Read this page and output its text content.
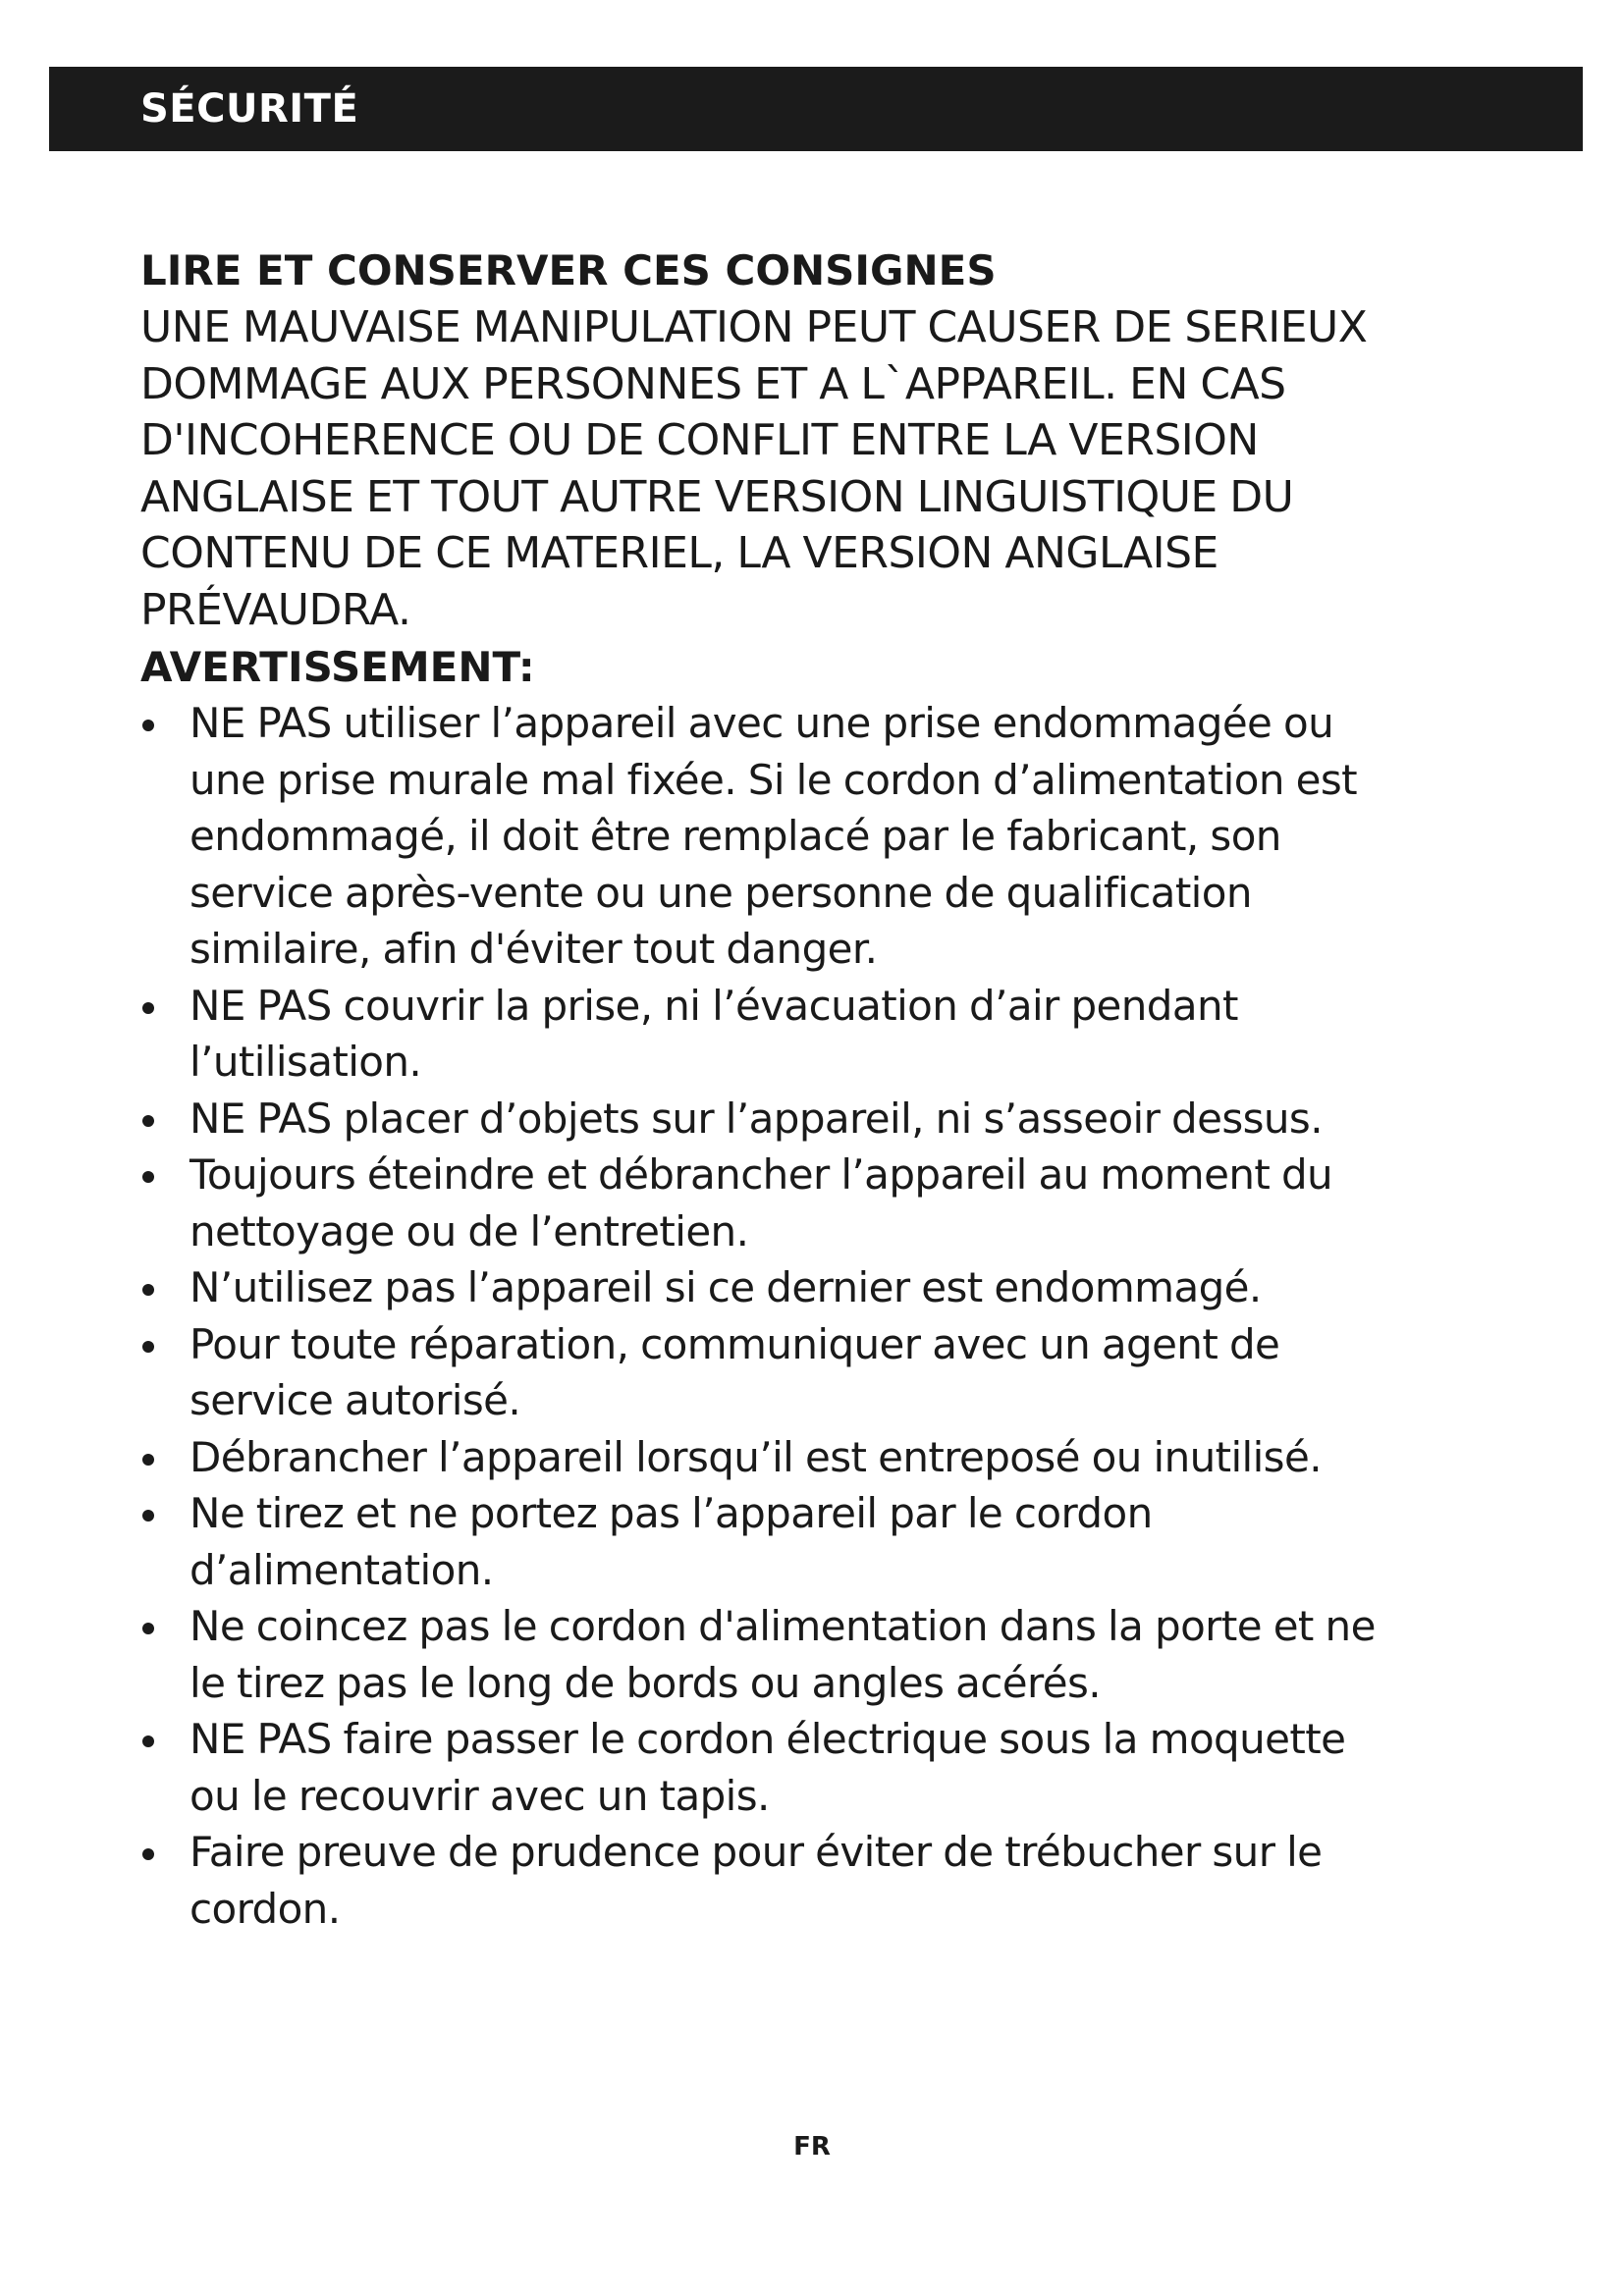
SÉCURITÉ
LIRE ET CONSERVER CES CONSIGNES
UNE MAUVAISE MANIPULATION PEUT CAUSER DE SERIEUX
DOMMAGE AUX PERSONNES ET A L`APPAREIL. EN CAS
D'INCOHERENCE OU DE CONFLIT ENTRE LA VERSION
ANGLAISE ET TOUT AUTRE VERSION LINGUISTIQUE DU
CONTENU DE CE MATERIEL, LA VERSION ANGLAISE
PRÉVAUDRA.
AVERTISSEMENT:
NE PAS utiliser l’appareil avec une prise endommagée ou
une prise murale mal fixée. Si le cordon d’alimentation est
endommagé, il doit être remplacé par le fabricant, son
service après-vente ou une personne de qualification
similaire, afin d'éviter tout danger.
NE PAS couvrir la prise, ni l’évacuation d’air pendant
l’utilisation.
NE PAS placer d’objets sur l’appareil, ni s’asseoir dessus.
Toujours éteindre et débrancher l’appareil au moment du
nettoyage ou de l’entretien.
N’utilisez pas l’appareil si ce dernier est endommagé.
Pour toute réparation, communiquer avec un agent de
service autorisé.
Débrancher l’appareil lorsqu’il est entreposé ou inutilisé.
Ne tirez et ne portez pas l’appareil par le cordon
d’alimentation.
Ne coincez pas le cordon d'alimentation dans la porte et ne
le tirez pas le long de bords ou angles acérés.
NE PAS faire passer le cordon électrique sous la moquette
ou le recouvrir avec un tapis.
Faire preuve de prudence pour éviter de trébucher sur le
cordon.
FR
